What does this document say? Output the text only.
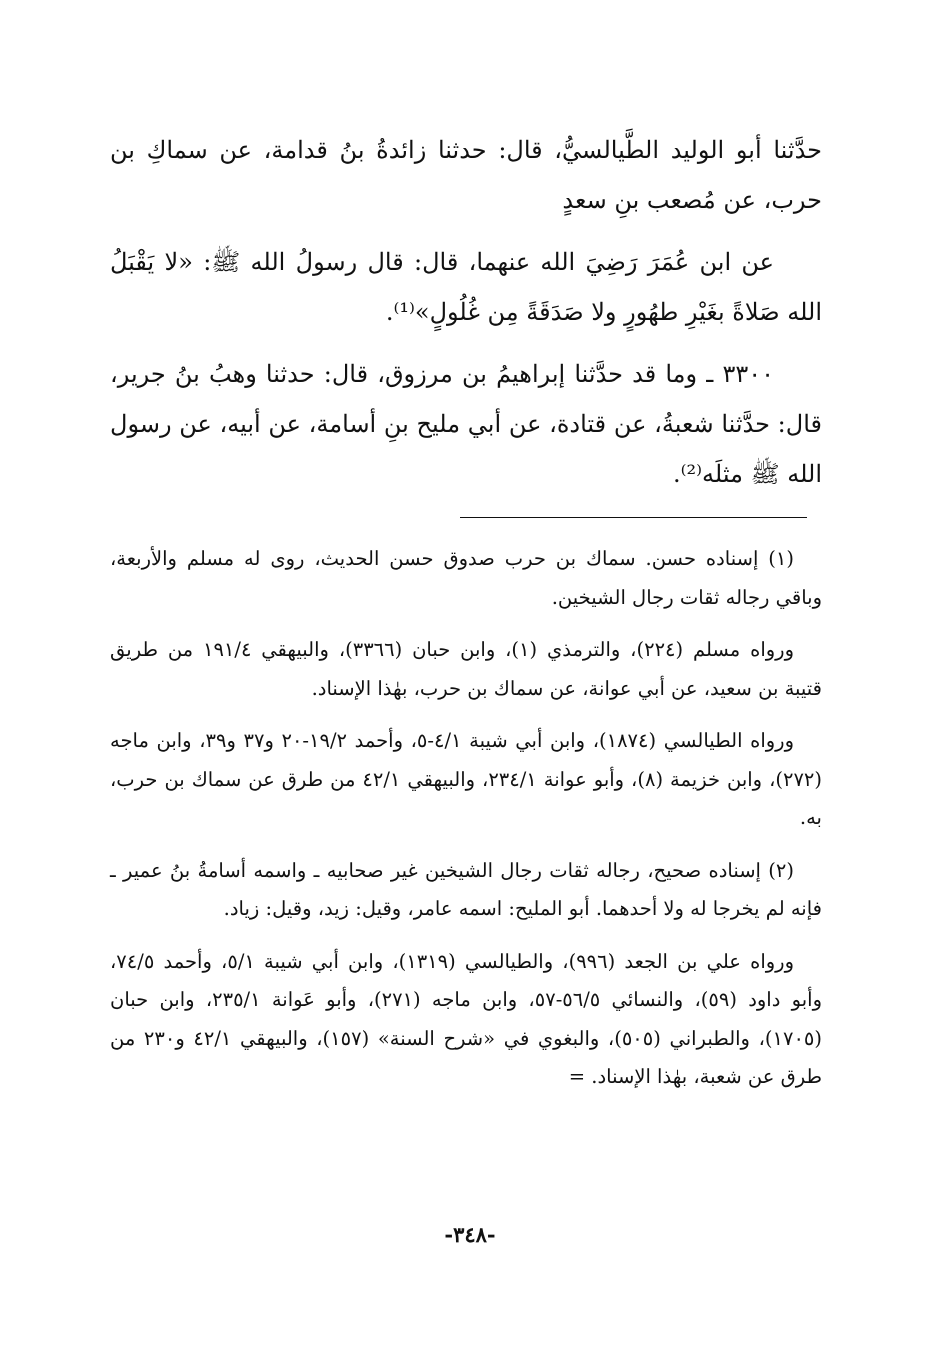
حدَّثنا أبو الوليد الطَّيالسيُّ، قال: حدثنا زائدةُ بنُ قدامة، عن سماكِ بن حرب، عن مُصعب بنِ سعدٍ

عن ابن عُمَرَ رَضِيَ الله عنهما، قال: قال رسولُ الله ﷺ: «لا يَقْبَلُ الله صَلاةً بغَيْرِ طهُورٍ ولا صَدَقَةً مِن غُلُولٍ»⁽¹⁾.

٣٣٠٠ ـ وما قد حدَّثنا إبراهيمُ بن مرزوق، قال: حدثنا وهبُ بنُ جرير، قال: حدَّثنا شعبةُ، عن قتادة، عن أبي مليح بنِ أسامة، عن أبيه، عن رسول الله ﷺ مثلَه⁽²⁾.

(١) إسناده حسن. سماك بن حرب صدوق حسن الحديث، روى له مسلم والأربعة، وباقي رجاله ثقات رجال الشيخين.

ورواه مسلم (٢٢٤)، والترمذي (١)، وابن حبان (٣٣٦٦)، والبيهقي ١٩١/٤ من طريق قتيبة بن سعيد، عن أبي عوانة، عن سماك بن حرب، بهٰذا الإسناد.

ورواه الطيالسي (١٨٧٤)، وابن أبي شيبة ٤/١-٥، وأحمد ١٩/٢-٢٠ و٣٧ و٣٩، وابن ماجه (٢٧٢)، وابن خزيمة (٨)، وأبو عوانة ٢٣٤/١، والبيهقي ٤٢/١ من طرق عن سماك بن حرب، به.

(٢) إسناده صحيح، رجاله ثقات رجال الشيخين غير صحابيه ـ واسمه أسامةُ بنُ عمير ـ فإنه لم يخرجا له ولا أحدهما. أبو المليح: اسمه عامر، وقيل: زيد، وقيل: زياد.

ورواه علي بن الجعد (٩٩٦)، والطيالسي (١٣١٩)، وابن أبي شيبة ٥/١، وأحمد ٧٤/٥، وأبو داود (٥٩)، والنسائي ٥٦/٥-٥٧، وابن ماجه (٢٧١)، وأبو عَوانة ٢٣٥/١، وابن حبان (١٧٠٥)، والطبراني (٥٠٥)، والبغوي في «شرح السنة» (١٥٧)، والبيهقي ٤٢/١ و٢٣٠ من طرق عن شعبة، بهٰذا الإسناد. =

-٣٤٨-
